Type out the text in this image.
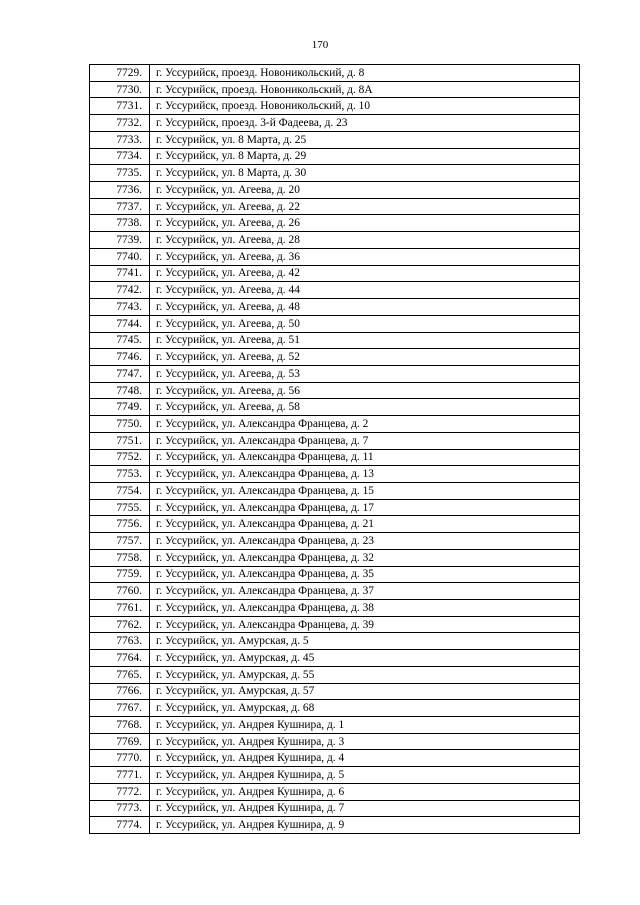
170
7729.	г. Уссурийск, проезд. Новоникольский, д. 8
7730.	г. Уссурийск, проезд. Новоникольский, д. 8А
7731.	г. Уссурийск, проезд. Новоникольский, д. 10
7732.	г. Уссурийск, проезд. 3-й Фадеева, д. 23
7733.	г. Уссурийск, ул. 8 Марта, д. 25
7734.	г. Уссурийск, ул. 8 Марта, д. 29
7735.	г. Уссурийск, ул. 8 Марта, д. 30
7736.	г. Уссурийск, ул. Агеева, д. 20
7737.	г. Уссурийск, ул. Агеева, д. 22
7738.	г. Уссурийск, ул. Агеева, д. 26
7739.	г. Уссурийск, ул. Агеева, д. 28
7740.	г. Уссурийск, ул. Агеева, д. 36
7741.	г. Уссурийск, ул. Агеева, д. 42
7742.	г. Уссурийск, ул. Агеева, д. 44
7743.	г. Уссурийск, ул. Агеева, д. 48
7744.	г. Уссурийск, ул. Агеева, д. 50
7745.	г. Уссурийск, ул. Агеева, д. 51
7746.	г. Уссурийск, ул. Агеева, д. 52
7747.	г. Уссурийск, ул. Агеева, д. 53
7748.	г. Уссурийск, ул. Агеева, д. 56
7749.	г. Уссурийск, ул. Агеева, д. 58
7750.	г. Уссурийск, ул. Александра Францева, д. 2
7751.	г. Уссурийск, ул. Александра Францева, д. 7
7752.	г. Уссурийск, ул. Александра Францева, д. 11
7753.	г. Уссурийск, ул. Александра Францева, д. 13
7754.	г. Уссурийск, ул. Александра Францева, д. 15
7755.	г. Уссурийск, ул. Александра Францева, д. 17
7756.	г. Уссурийск, ул. Александра Францева, д. 21
7757.	г. Уссурийск, ул. Александра Францева, д. 23
7758.	г. Уссурийск, ул. Александра Францева, д. 32
7759.	г. Уссурийск, ул. Александра Францева, д. 35
7760.	г. Уссурийск, ул. Александра Францева, д. 37
7761.	г. Уссурийск, ул. Александра Францева, д. 38
7762.	г. Уссурийск, ул. Александра Францева, д. 39
7763.	г. Уссурийск, ул. Амурская, д. 5
7764.	г. Уссурийск, ул. Амурская, д. 45
7765.	г. Уссурийск, ул. Амурская, д. 55
7766.	г. Уссурийск, ул. Амурская, д. 57
7767.	г. Уссурийск, ул. Амурская, д. 68
7768.	г. Уссурийск, ул. Андрея Кушнира, д. 1
7769.	г. Уссурийск, ул. Андрея Кушнира, д. 3
7770.	г. Уссурийск, ул. Андрея Кушнира, д. 4
7771.	г. Уссурийск, ул. Андрея Кушнира, д. 5
7772.	г. Уссурийск, ул. Андрея Кушнира, д. 6
7773.	г. Уссурийск, ул. Андрея Кушнира, д. 7
7774.	г. Уссурийск, ул. Андрея Кушнира, д. 9
